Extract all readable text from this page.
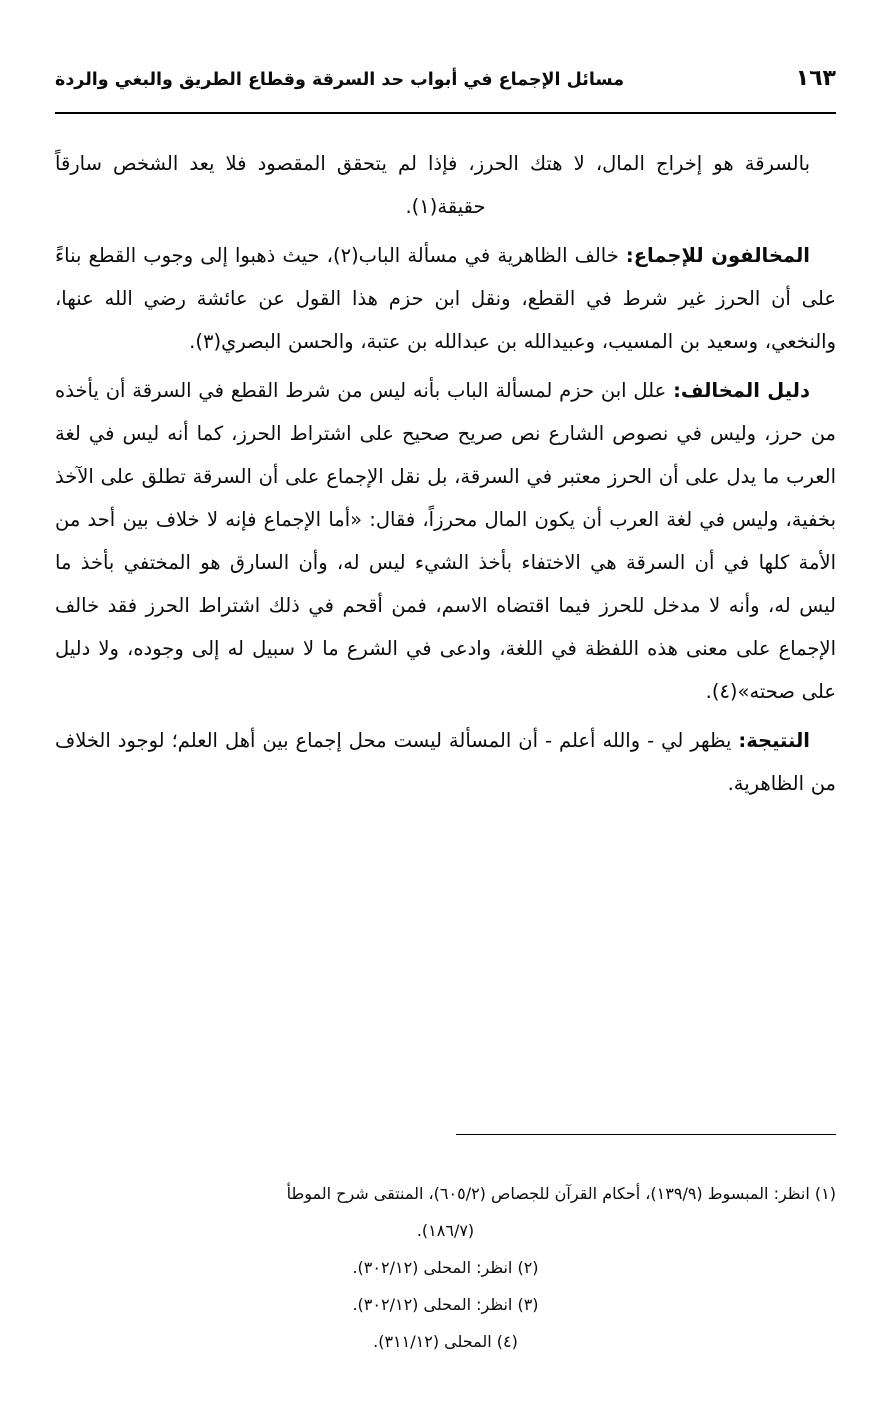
مسائل الإجماع في أبواب حد السرقة وقطاع الطريق والبغي والردة	١٦٣

بالسرقة هو إخراج المال، لا هتك الحرز، فإذا لم يتحقق المقصود فلا يعد الشخص سارقاً حقيقة(١).

المخالفون للإجماع: خالف الظاهرية في مسألة الباب(٢)، حيث ذهبوا إلى وجوب القطع بناءً على أن الحرز غير شرط في القطع، ونقل ابن حزم هذا القول عن عائشة رضي الله عنها، والنخعي، وسعيد بن المسيب، وعبيدالله بن عبدالله بن عتبة، والحسن البصري(٣).

دليل المخالف: علل ابن حزم لمسألة الباب بأنه ليس من شرط القطع في السرقة أن يأخذه من حرز، وليس في نصوص الشارع نص صريح صحيح على اشتراط الحرز، كما أنه ليس في لغة العرب ما يدل على أن الحرز معتبر في السرقة، بل نقل الإجماع على أن السرقة تطلق على الآخذ بخفية، وليس في لغة العرب أن يكون المال محرزاً، فقال: «أما الإجماع فإنه لا خلاف بين أحد من الأمة كلها في أن السرقة هي الاختفاء بأخذ الشيء ليس له، وأن السارق هو المختفي بأخذ ما ليس له، وأنه لا مدخل للحرز فيما اقتضاه الاسم، فمن أقحم في ذلك اشتراط الحرز فقد خالف الإجماع على معنى هذه اللفظة في اللغة، وادعى في الشرع ما لا سبيل له إلى وجوده، ولا دليل على صحته»(٤).

النتيجة: يظهر لي - والله أعلم - أن المسألة ليست محل إجماع بين أهل العلم؛ لوجود الخلاف من الظاهرية.

(١) انظر: المبسوط (١٣٩/٩)، أحكام القرآن للجصاص (٦٠٥/٢)، المنتقى شرح الموطأ

(١٨٦/٧).

(٢) انظر: المحلى (٣٠٢/١٢).

(٣) انظر: المحلى (٣٠٢/١٢).

(٤) المحلى (٣١١/١٢).
